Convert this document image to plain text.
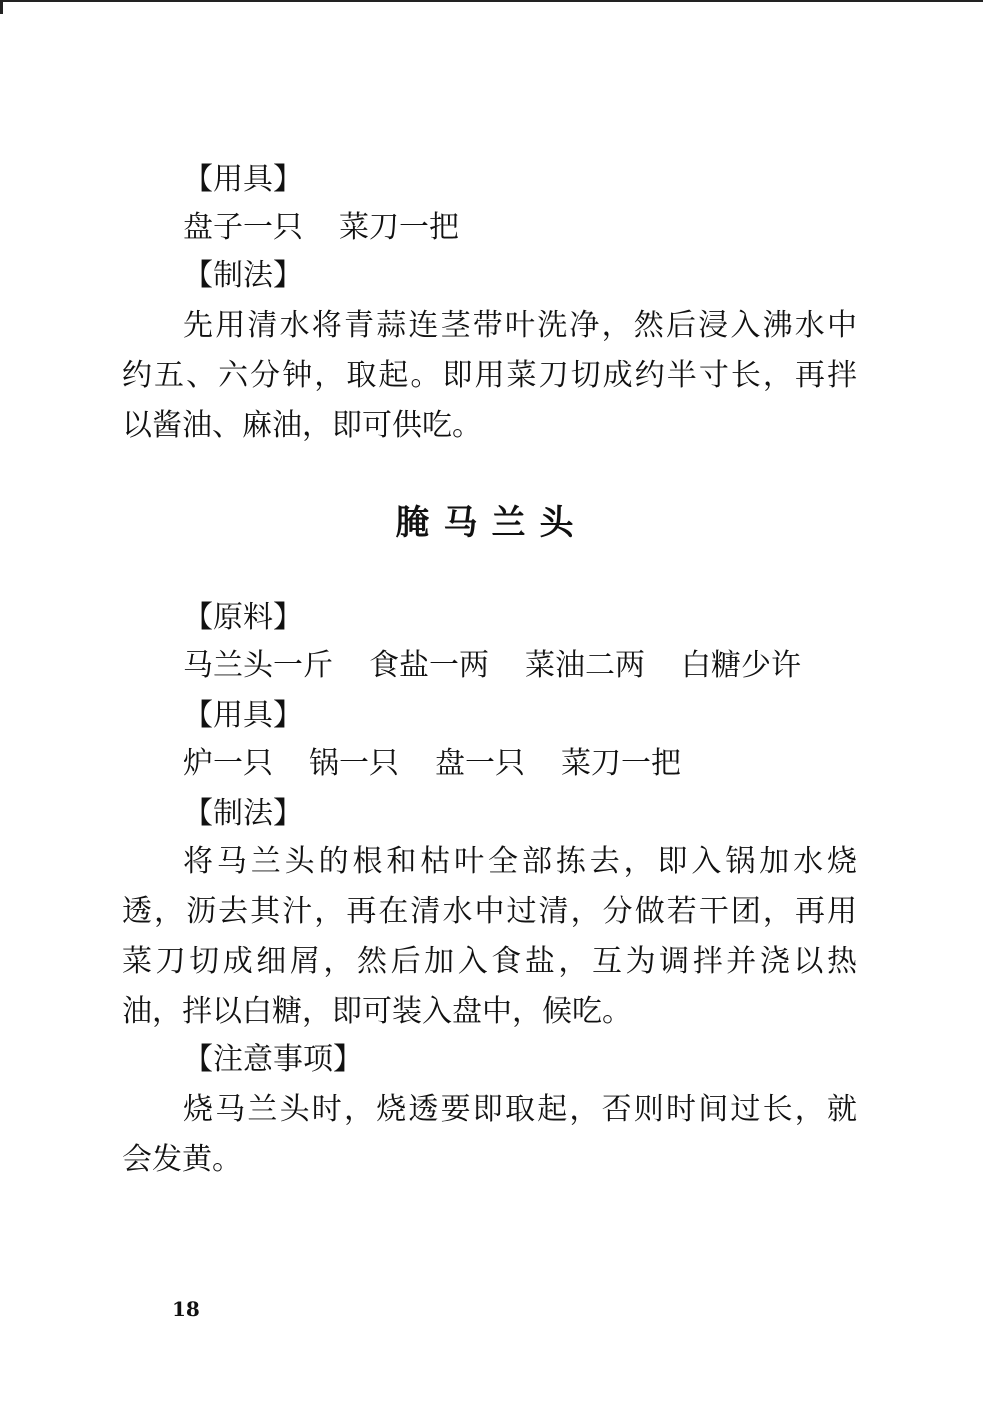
【用具】
盘子一只 菜刀一把
【制法】
先用清水将青蒜连茎带叶洗净，然后浸入沸水中
约五、六分钟，取起。即用菜刀切成约半寸长，再拌
以酱油、麻油，即可供吃。
腌马兰头
【原料】
马兰头一斤 食盐一两 菜油二两 白糖少许
【用具】
炉一只 锅一只 盘一只 菜刀一把
【制法】
将马兰头的根和枯叶全部拣去，即入锅加水烧
透，沥去其汁，再在清水中过清，分做若干团，再用
菜刀切成细屑，然后加入食盐，互为调拌并浇以热
油，拌以白糖，即可装入盘中，候吃。
【注意事项】
烧马兰头时，烧透要即取起，否则时间过长，就
会发黄。
18
